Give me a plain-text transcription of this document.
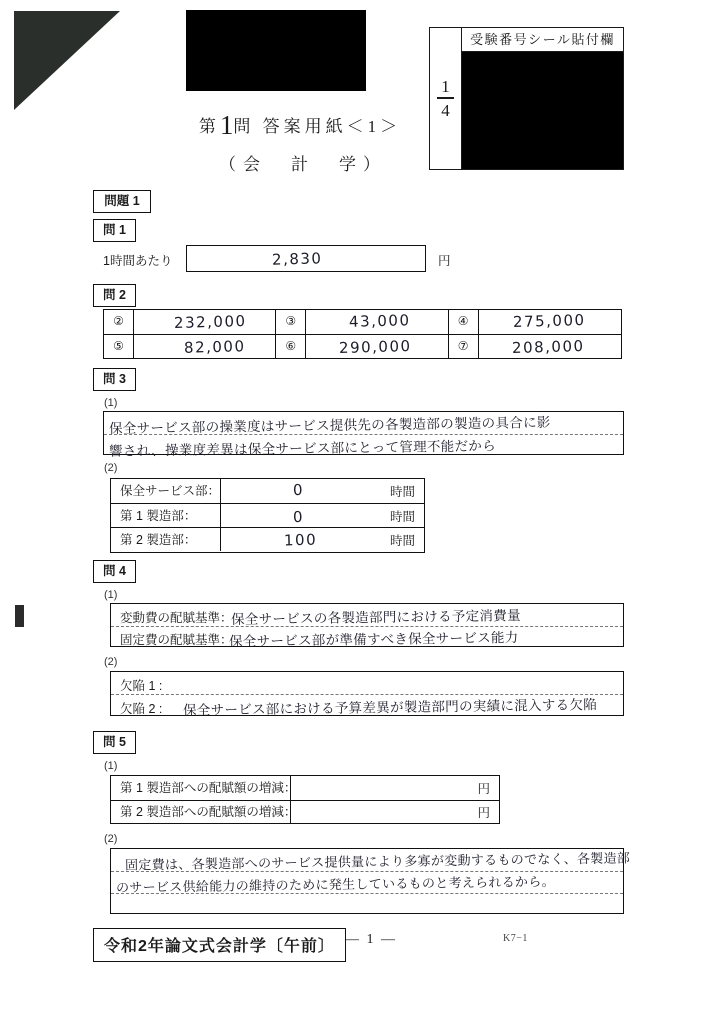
$\frac{1}{4}$ 受験番号シール貼付欄
第1問 答案用紙＜1＞
（会　計　学）
問題 1
問 1
1時間あたり	2,830	円
問 2
②	232,000	③	43,000	④	275,000
⑤	82,000	⑥	290,000	⑦	208,000
問 3
(1)
保全サービス部の操業度はサービス提供先の各製造部の製造の具合に影
響され、操業度差異は保全サービス部にとって管理不能だから
(2)
保全サービス部：	0	時間
第 1 製造部：	0	時間
第 2 製造部：	100	時間
問 4
(1)
変動費の配賦基準：
保全サービスの各製造部門における予定消費量
固定費の配賦基準：
保全サービス部が準備すべき保全サービス能力
(2)
欠陥 1 :
欠陥 2 : 保全サービス部における予算差異が製造部門の実績に混入する欠陥
問 5
(1)
第 1 製造部への配賦額の増減：	円
第 2 製造部への配賦額の増減：	円
(2)
固定費は、各製造部へのサービス提供量により多寡が変動するものでなく、各製造部
のサービス供給能力の維持のために発生しているものと考えられるから。
令和2年論文式会計学〔午前〕 — 1 —	K7−1
